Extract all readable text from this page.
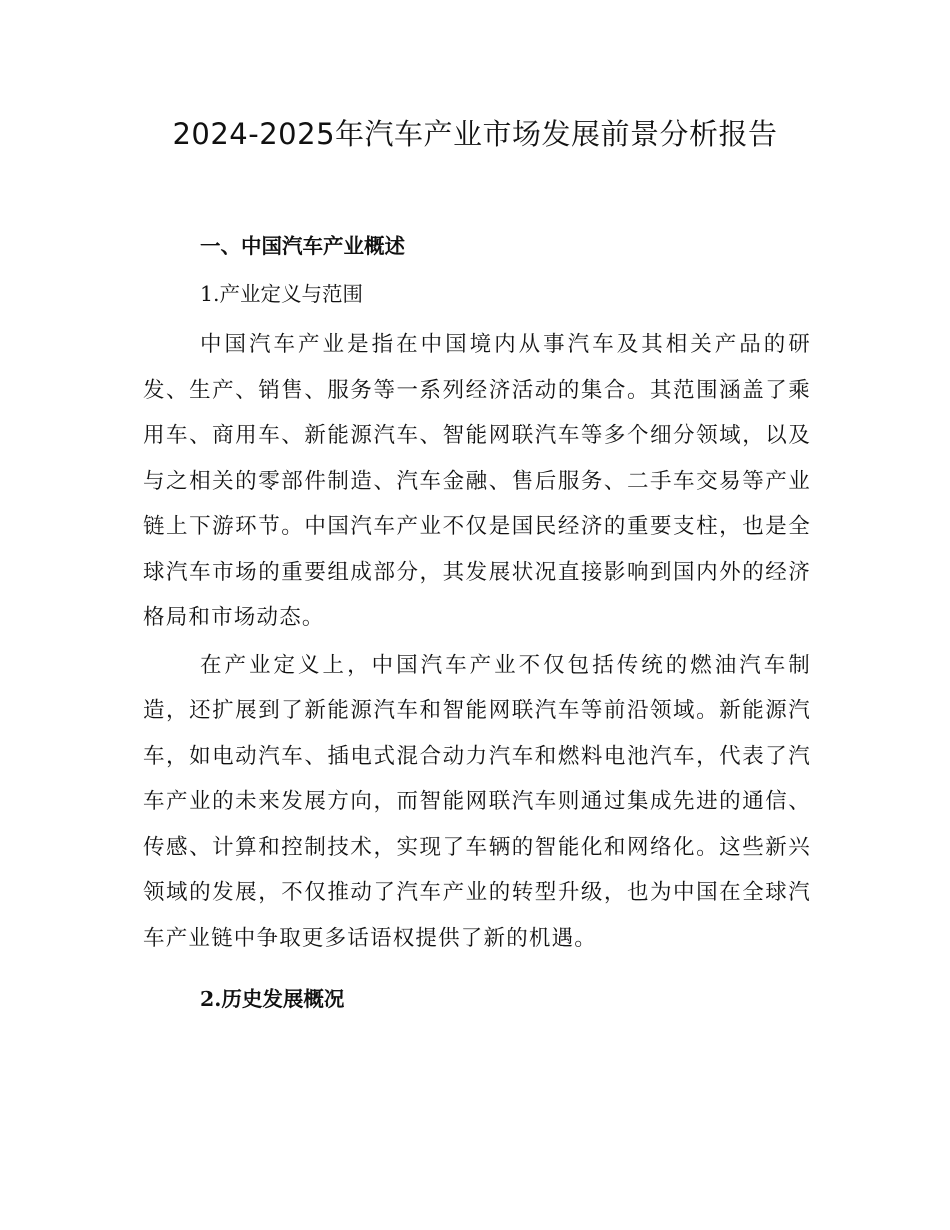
2024-2025年汽车产业市场发展前景分析报告
一、中国汽车产业概述
1.产业定义与范围

中国汽车产业是指在中国境内从事汽车及其相关产品的研发、生产、销售、服务等一系列经济活动的集合。其范围涵盖了乘用车、商用车、新能源汽车、智能网联汽车等多个细分领域，以及与之相关的零部件制造、汽车金融、售后服务、二手车交易等产业链上下游环节。中国汽车产业不仅是国民经济的重要支柱，也是全球汽车市场的重要组成部分，其发展状况直接影响到国内外的经济格局和市场动态。

在产业定义上，中国汽车产业不仅包括传统的燃油汽车制造，还扩展到了新能源汽车和智能网联汽车等前沿领域。新能源汽车，如电动汽车、插电式混合动力汽车和燃料电池汽车，代表了汽车产业的未来发展方向，而智能网联汽车则通过集成先进的通信、传感、计算和控制技术，实现了车辆的智能化和网络化。这些新兴领域的发展，不仅推动了汽车产业的转型升级，也为中国在全球汽车产业链中争取更多话语权提供了新的机遇。

2.历史发展概况
